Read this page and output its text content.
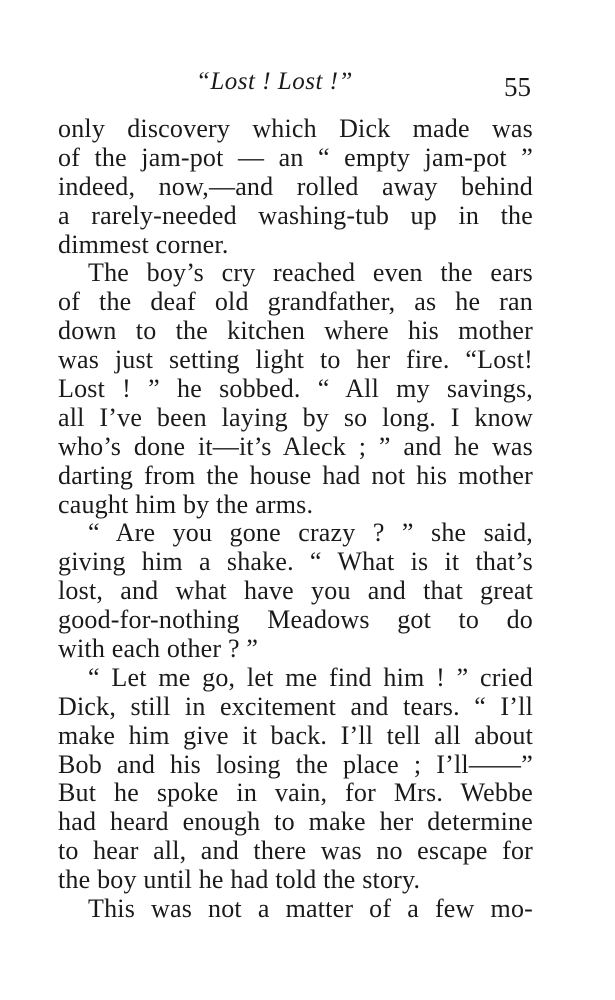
“Lost ! Lost !”	55
only discovery which Dick made was
of the jam-pot — an “ empty jam-pot ”
indeed, now,—and rolled away behind
a rarely-needed washing-tub up in the
dimmest corner.
The boy’s cry reached even the ears
of the deaf old grandfather, as he ran
down to the kitchen where his mother
was just setting light to her fire. “Lost!
Lost ! ” he sobbed. “ All my savings,
all I’ve been laying by so long. I know
who’s done it—it’s Aleck ; ” and he was
darting from the house had not his mother
caught him by the arms.
“ Are you gone crazy ? ” she said,
giving him a shake. “ What is it that’s
lost, and what have you and that great
good-for-nothing Meadows got to do
with each other ? ”
“ Let me go, let me find him ! ” cried
Dick, still in excitement and tears. “ I’ll
make him give it back. I’ll tell all about
Bob and his losing the place ; I’ll——”
But he spoke in vain, for Mrs. Webbe
had heard enough to make her determine
to hear all, and there was no escape for
the boy until he had told the story.
This was not a matter of a few mo-
